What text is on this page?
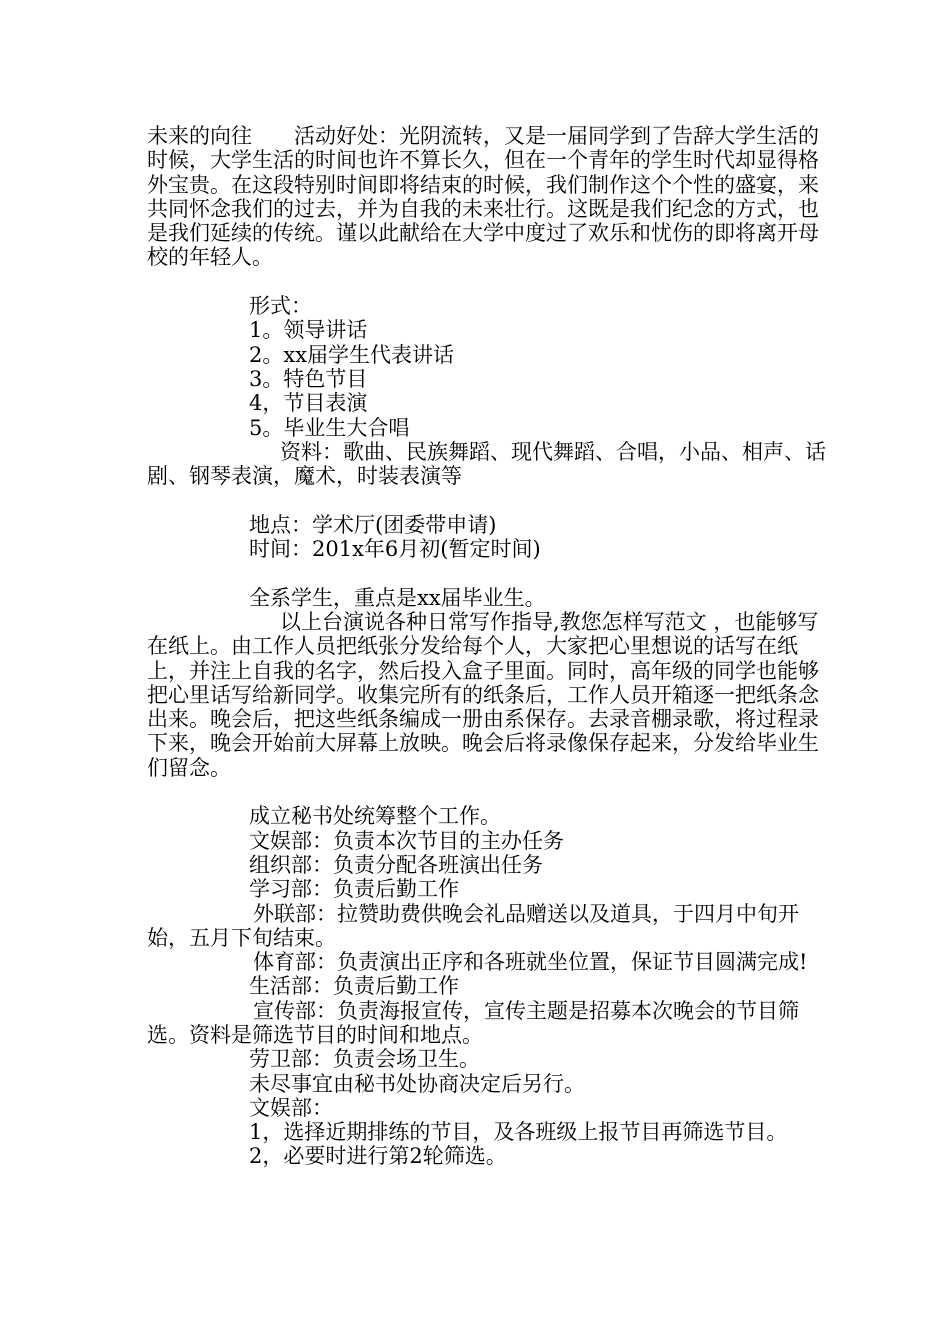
未来的向往　　活动好处：光阴流转，又是一届同学到了告辞大学生活的时候，大学生活的时间也许不算长久，但在一个青年的学生时代却显得格外宝贵。在这段特别时间即将结束的时候，我们制作这个个性的盛宴，来共同怀念我们的过去，并为自我的未来壮行。这既是我们纪念的方式，也是我们延续的传统。谨以此献给在大学中度过了欢乐和忧伤的即将离开母校的年轻人。

形式：

1。领导讲话

2。xx届学生代表讲话

3。特色节目

4，节目表演

5。毕业生大合唱

资料：歌曲、民族舞蹈、现代舞蹈、合唱，小品、相声、话剧、钢琴表演，魔术，时装表演等

地点：学术厅(团委带申请)

时间：201x年6月初(暂定时间)

全系学生，重点是xx届毕业生。

以上台演说各种日常写作指导,教您怎样写范文 ，也能够写在纸上。由工作人员把纸张分发给每个人，大家把心里想说的话写在纸上，并注上自我的名字，然后投入盒子里面。同时，高年级的同学也能够把心里话写给新同学。收集完所有的纸条后，工作人员开箱逐一把纸条念出来。晚会后，把这些纸条编成一册由系保存。去录音棚录歌，将过程录下来，晚会开始前大屏幕上放映。晚会后将录像保存起来，分发给毕业生们留念。

成立秘书处统筹整个工作。

文娱部：负责本次节目的主办任务

组织部：负责分配各班演出任务

学习部：负责后勤工作

外联部：拉赞助费供晚会礼品赠送以及道具，于四月中旬开始，五月下旬结束。

体育部：负责演出正序和各班就坐位置，保证节目圆满完成!

生活部：负责后勤工作

宣传部：负责海报宣传，宣传主题是招募本次晚会的节目筛选。资料是筛选节目的时间和地点。

劳卫部：负责会场卫生。

未尽事宜由秘书处协商决定后另行。

文娱部：

1，选择近期排练的节目，及各班级上报节目再筛选节目。

2，必要时进行第2轮筛选。
